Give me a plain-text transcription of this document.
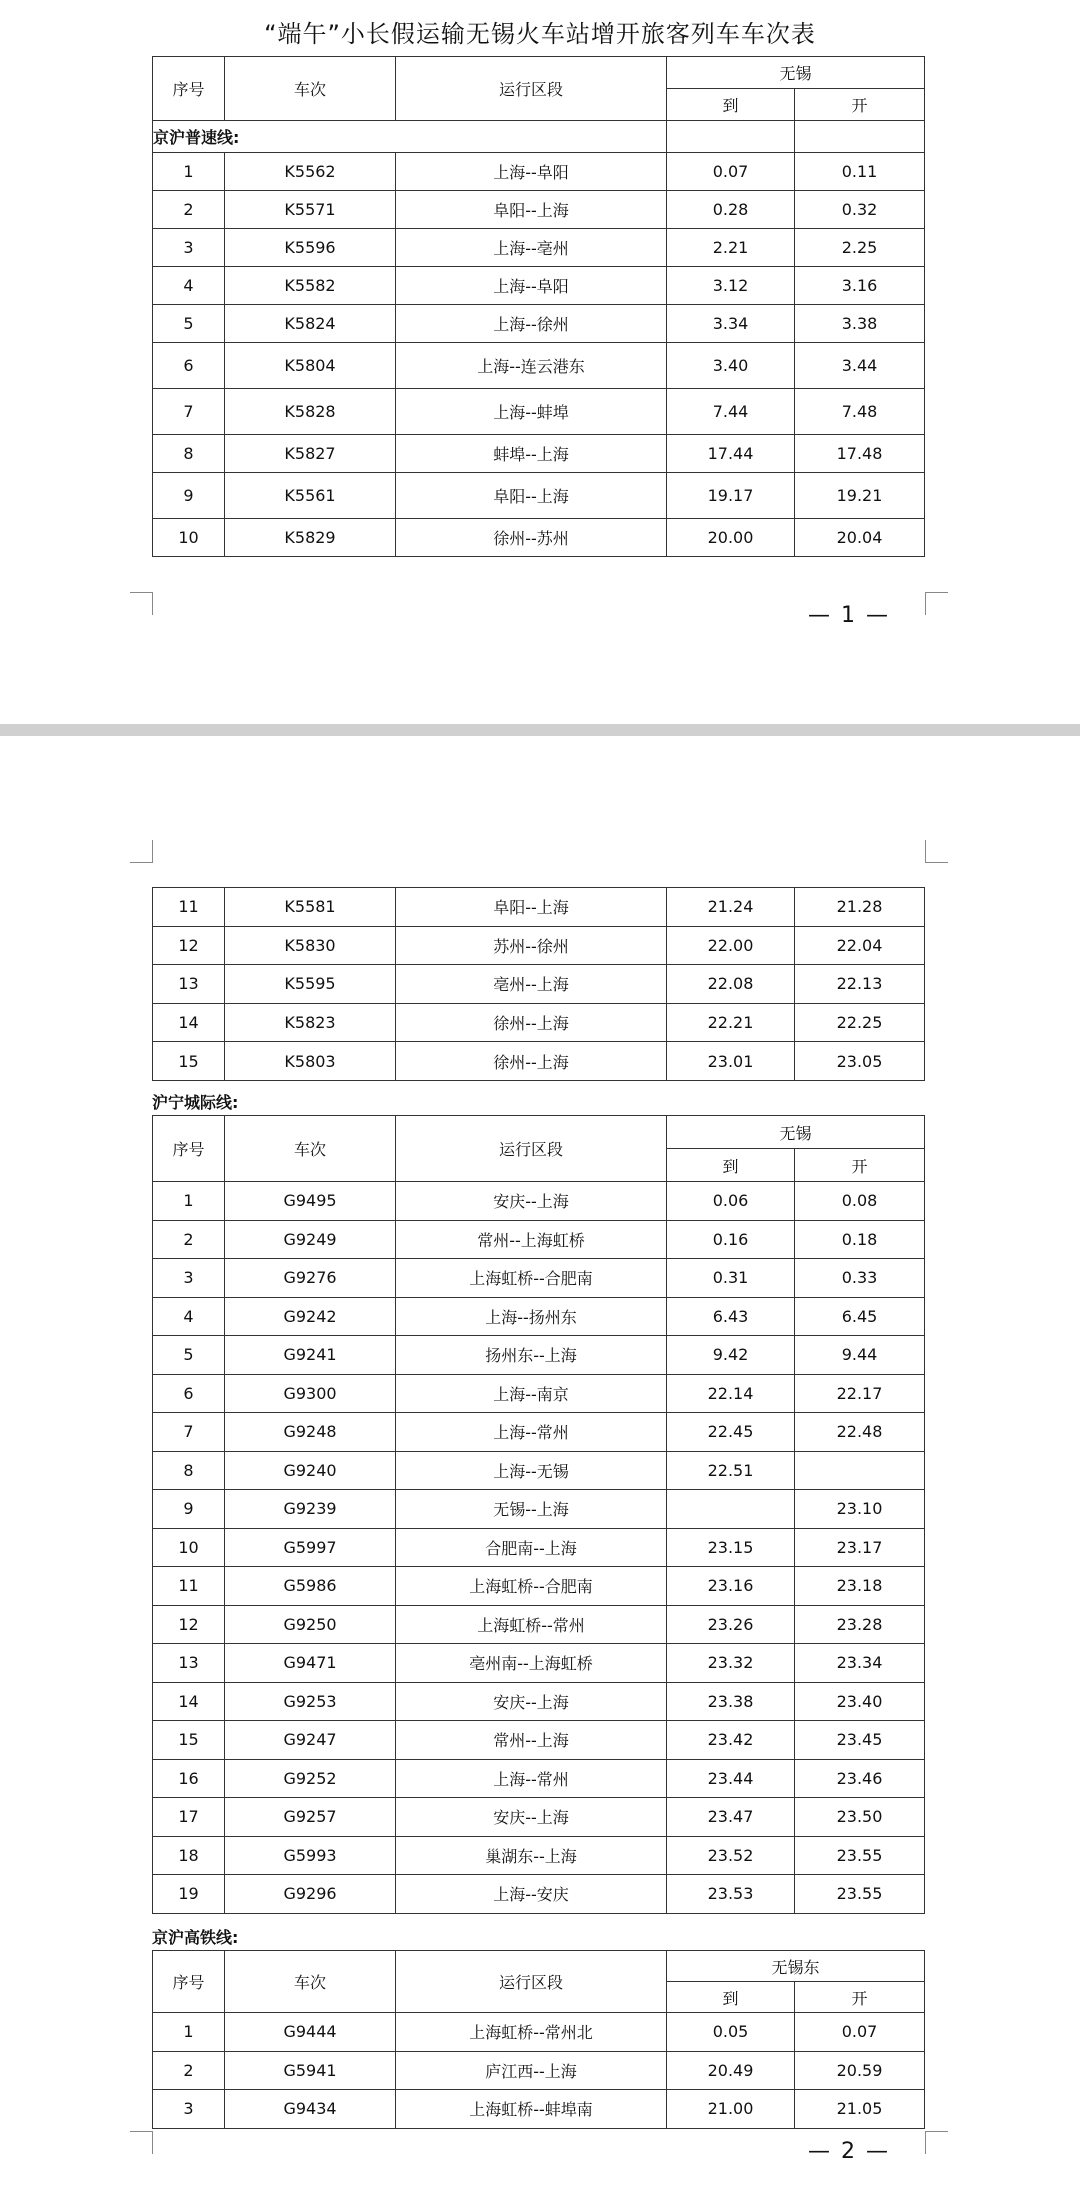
“端午”小长假运输无锡火车站增开旅客列车车次表
序号	车次	运行区段	无锡	
			到	开
京沪普速线:				
1	K5562	上海--阜阳	0.07	0.11
2	K5571	阜阳--上海	0.28	0.32
3	K5596	上海--亳州	2.21	2.25
4	K5582	上海--阜阳	3.12	3.16
5	K5824	上海--徐州	3.34	3.38
6	K5804	上海--连云港东	3.40	3.44
7	K5828	上海--蚌埠	7.44	7.48
8	K5827	蚌埠--上海	17.44	17.48
9	K5561	阜阳--上海	19.17	19.21
10	K5829	徐州--苏州	20.00	20.04
— 1 —
11	K5581	阜阳--上海	21.24	21.28
12	K5830	苏州--徐州	22.00	22.04
13	K5595	亳州--上海	22.08	22.13
14	K5823	徐州--上海	22.21	22.25
15	K5803	徐州--上海	23.01	23.05
沪宁城际线:
序号	车次	运行区段	无锡	
			到	开
1	G9495	安庆--上海	0.06	0.08
2	G9249	常州--上海虹桥	0.16	0.18
3	G9276	上海虹桥--合肥南	0.31	0.33
4	G9242	上海--扬州东	6.43	6.45
5	G9241	扬州东--上海	9.42	9.44
6	G9300	上海--南京	22.14	22.17
7	G9248	上海--常州	22.45	22.48
8	G9240	上海--无锡	22.51	
9	G9239	无锡--上海		23.10
10	G5997	合肥南--上海	23.15	23.17
11	G5986	上海虹桥--合肥南	23.16	23.18
12	G9250	上海虹桥--常州	23.26	23.28
13	G9471	亳州南--上海虹桥	23.32	23.34
14	G9253	安庆--上海	23.38	23.40
15	G9247	常州--上海	23.42	23.45
16	G9252	上海--常州	23.44	23.46
17	G9257	安庆--上海	23.47	23.50
18	G5993	巢湖东--上海	23.52	23.55
19	G9296	上海--安庆	23.53	23.55
京沪高铁线:
序号	车次	运行区段	无锡东	
			到	开
1	G9444	上海虹桥--常州北	0.05	0.07
2	G5941	庐江西--上海	20.49	20.59
3	G9434	上海虹桥--蚌埠南	21.00	21.05
— 2 —
